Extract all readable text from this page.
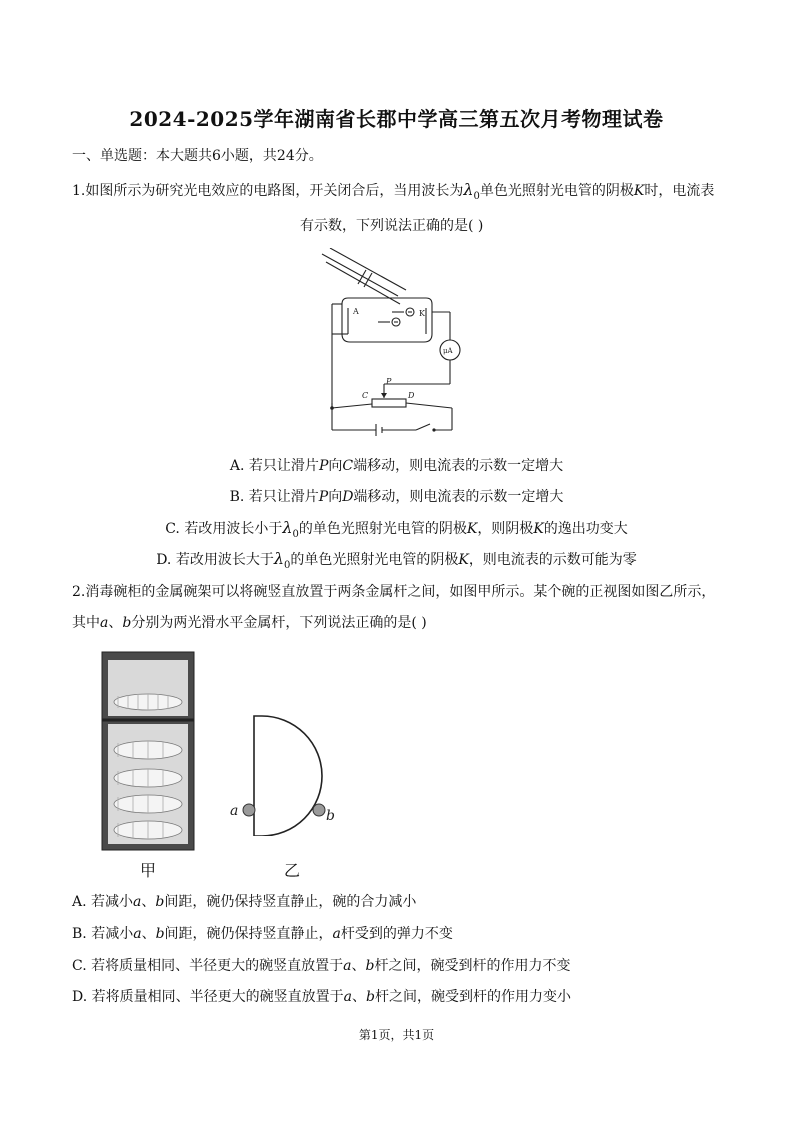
2024-2025学年湖南省长郡中学高三第五次月考物理试卷
一、单选题：本大题共6小题，共24分。
1.如图所示为研究光电效应的电路图，开关闭合后，当用波长为$\lambda_0$单色光照射光电管的阴极K时，电流表
有示数，下列说法正确的是( )
A	K
μA
P
C	D
A. 若只让滑片P向C端移动，则电流表的示数一定增大
B. 若只让滑片P向D端移动，则电流表的示数一定增大
C. 若改用波长小于$\lambda_0$的单色光照射光电管的阴极K，则阴极K的逸出功变大
D. 若改用波长大于$\lambda_0$的单色光照射光电管的阴极K，则电流表的示数可能为零
2.消毒碗柜的金属碗架可以将碗竖直放置于两条金属杆之间，如图甲所示。某个碗的正视图如图乙所示，
其中a、b分别为两光滑水平金属杆，下列说法正确的是( )
a	b
甲	乙
A. 若减小a、b间距，碗仍保持竖直静止，碗的合力减小
B. 若减小a、b间距，碗仍保持竖直静止，a杆受到的弹力不变
C. 若将质量相同、半径更大的碗竖直放置于a、b杆之间，碗受到杆的作用力不变
D. 若将质量相同、半径更大的碗竖直放置于a、b杆之间，碗受到杆的作用力变小
第1页，共1页
